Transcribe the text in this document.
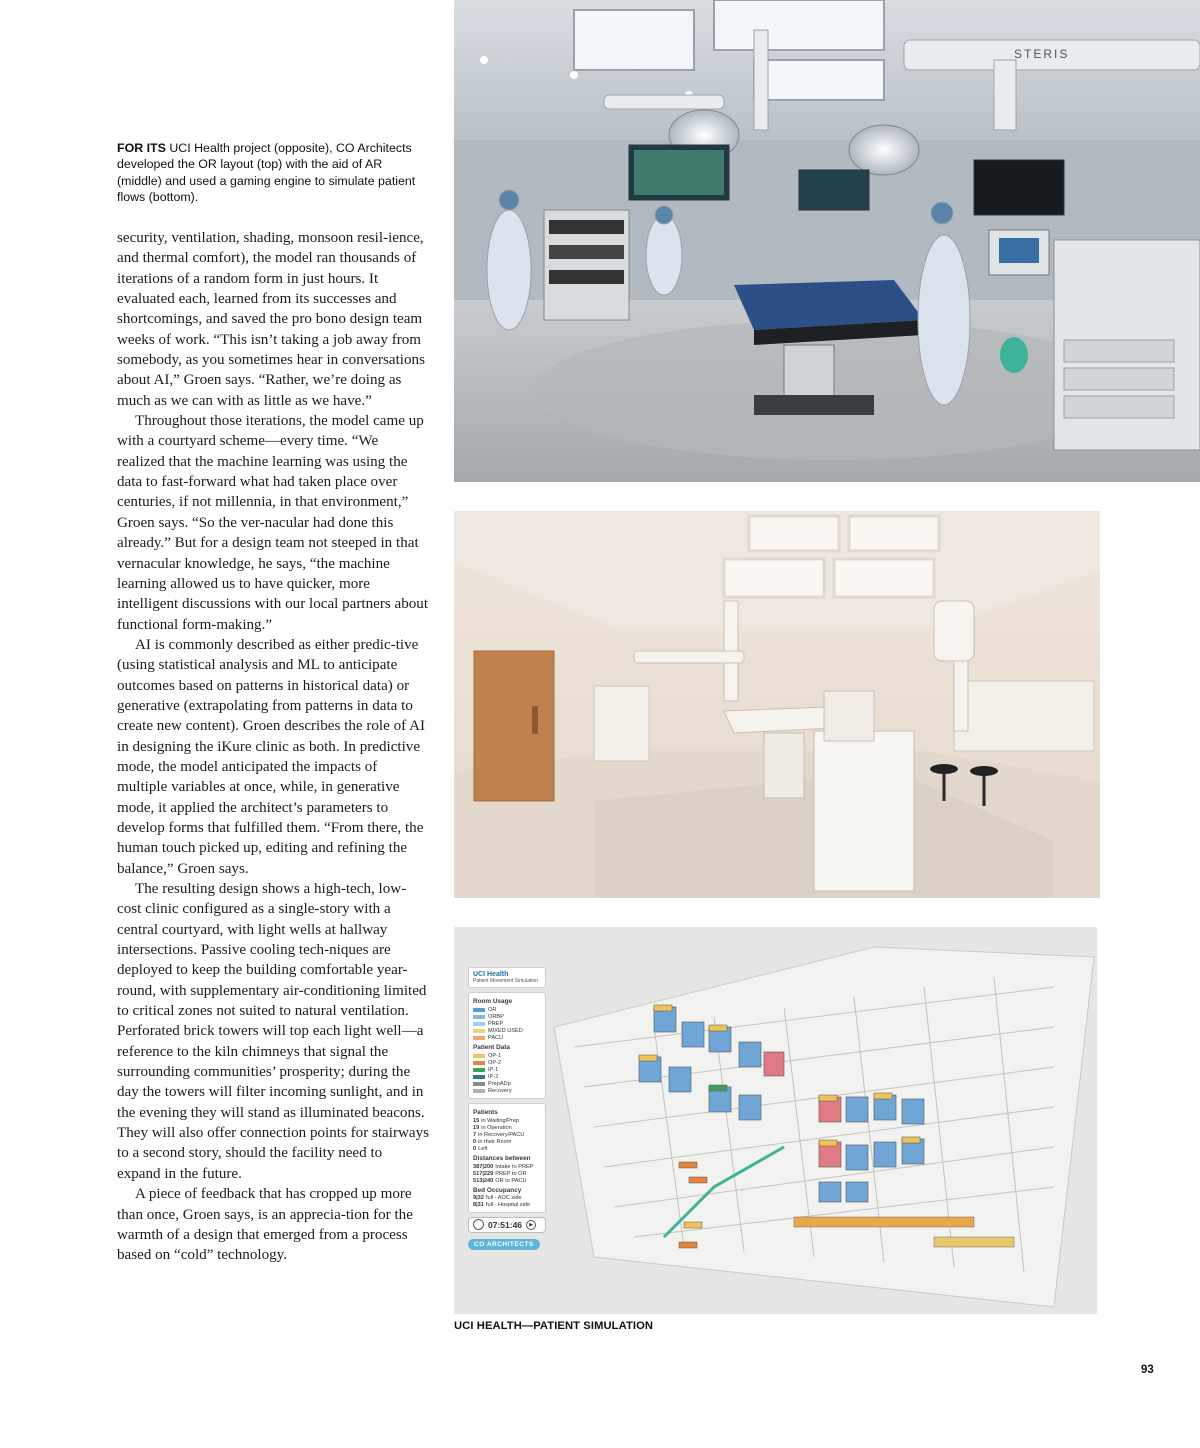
FOR ITS UCI Health project (opposite), CO Architects developed the OR layout (top) with the aid of AR (middle) and used a gaming engine to simulate patient flows (bottom).

security, ventilation, shading, monsoon resil-ience, and thermal comfort), the model ran thousands of iterations of a random form in just hours. It evaluated each, learned from its successes and shortcomings, and saved the pro bono design team weeks of work. “This isn’t taking a job away from somebody, as you sometimes hear in conversations about AI,” Groen says. “Rather, we’re doing as much as we can with as little as we have.”

Throughout those iterations, the model came up with a courtyard scheme—every time. “We realized that the machine learning was using the data to fast-forward what had taken place over centuries, if not millennia, in that environment,” Groen says. “So the ver-nacular had done this already.” But for a design team not steeped in that vernacular knowledge, he says, “the machine learning allowed us to have quicker, more intelligent discussions with our local partners about functional form-making.”

AI is commonly described as either predic-tive (using statistical analysis and ML to anticipate outcomes based on patterns in historical data) or generative (extrapolating from patterns in data to create new content). Groen describes the role of AI in designing the iKure clinic as both. In predictive mode, the model anticipated the impacts of multiple variables at once, while, in generative mode, it applied the architect’s parameters to develop forms that fulfilled them. “From there, the human touch picked up, editing and refining the balance,” Groen says.

The resulting design shows a high-tech, low-cost clinic configured as a single-story with a central courtyard, with light wells at hallway intersections. Passive cooling tech-niques are deployed to keep the building comfortable year-round, with supplementary air-conditioning limited to critical zones not suited to natural ventilation. Perforated brick towers will top each light well—a reference to the kiln chimneys that signal the surrounding communities’ prosperity; during the day the towers will filter incoming sunlight, and in the evening they will stand as illuminated beacons. They will also offer connection points for stairways to a second story, should the facility need to expand in the future.

A piece of feedback that has cropped up more than once, Groen says, is an apprecia-tion for the warmth of a design that emerged from a process based on “cold” technology.

STERIS
UCI Health
Patient Movement Simulation
Room Usage
OR
ORBP
PREP
MIXED USED
PACU
Patient Data
OP-1
OP-2
IP-1
IP-2
PrepADp
Recovery
Patients
15 in Waiting/Prep
19 in Operation
7 in Recovery/PACU
0 in their Room
0 Left
Distances between
387|200 Intake to PREP
517|229 PREP to OR
513|240 OR to PACU
Bed Occupancy
9|32 full - AOC side
8|31 full - Hospital side
07:51:46	▶
CO ARCHITECTS
UCI HEALTH—PATIENT SIMULATION
93
